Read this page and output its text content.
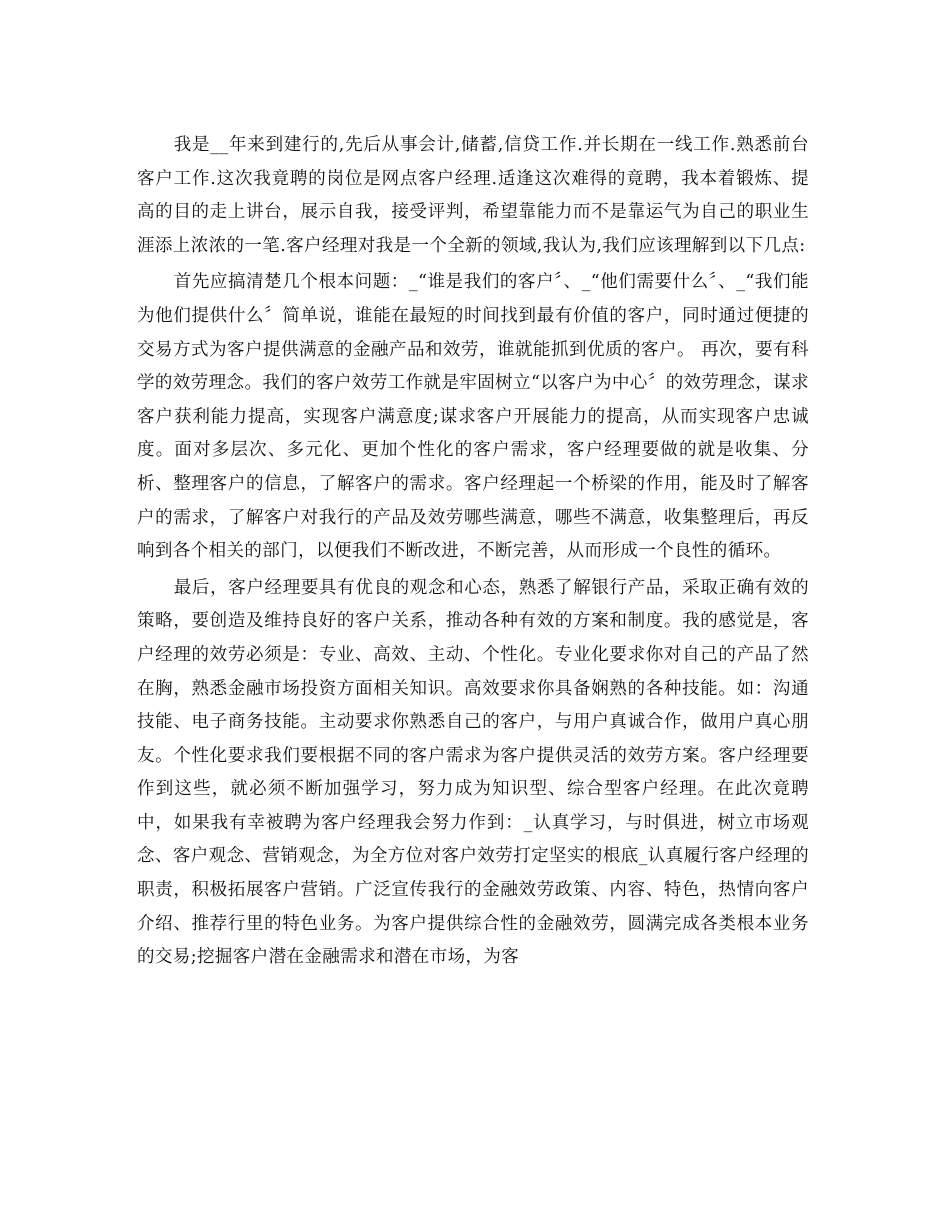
我是__年来到建行的,先后从事会计,储蓄,信贷工作.并长期在一线工作.熟悉前台客户工作.这次我竟聘的岗位是网点客户经理.适逢这次难得的竟聘，我本着锻炼、提高的目的走上讲台，展示自我，接受评判，希望靠能力而不是靠运气为自己的职业生涯添上浓浓的一笔.客户经理对我是一个全新的领域,我认为,我们应该理解到以下几点:

首先应搞清楚几个根本问题：_“谁是我们的客户〞、_“他们需要什么〞、_“我们能为他们提供什么〞简单说，谁能在最短的时间找到最有价值的客户，同时通过便捷的交易方式为客户提供满意的金融产品和效劳，谁就能抓到优质的客户。 再次，要有科学的效劳理念。我们的客户效劳工作就是牢固树立“以客户为中心〞的效劳理念，谋求客户获利能力提高，实现客户满意度;谋求客户开展能力的提高，从而实现客户忠诚度。面对多层次、多元化、更加个性化的客户需求，客户经理要做的就是收集、分析、整理客户的信息，了解客户的需求。客户经理起一个桥梁的作用，能及时了解客户的需求，了解客户对我行的产品及效劳哪些满意，哪些不满意，收集整理后，再反响到各个相关的部门，以便我们不断改进，不断完善，从而形成一个良性的循环。

最后，客户经理要具有优良的观念和心态，熟悉了解银行产品，采取正确有效的策略，要创造及维持良好的客户关系，推动各种有效的方案和制度。我的感觉是，客户经理的效劳必须是：专业、高效、主动、个性化。专业化要求你对自己的产品了然在胸，熟悉金融市场投资方面相关知识。高效要求你具备娴熟的各种技能。如：沟通技能、电子商务技能。主动要求你熟悉自己的客户，与用户真诚合作，做用户真心朋友。个性化要求我们要根据不同的客户需求为客户提供灵活的效劳方案。客户经理要作到这些，就必须不断加强学习，努力成为知识型、综合型客户经理。在此次竟聘中，如果我有幸被聘为客户经理我会努力作到：_认真学习，与时俱进，树立市场观念、客户观念、营销观念，为全方位对客户效劳打定坚实的根底_认真履行客户经理的职责，积极拓展客户营销。广泛宣传我行的金融效劳政策、内容、特色，热情向客户介绍、推荐行里的特色业务。为客户提供综合性的金融效劳，圆满完成各类根本业务的交易;挖掘客户潜在金融需求和潜在市场，为客
